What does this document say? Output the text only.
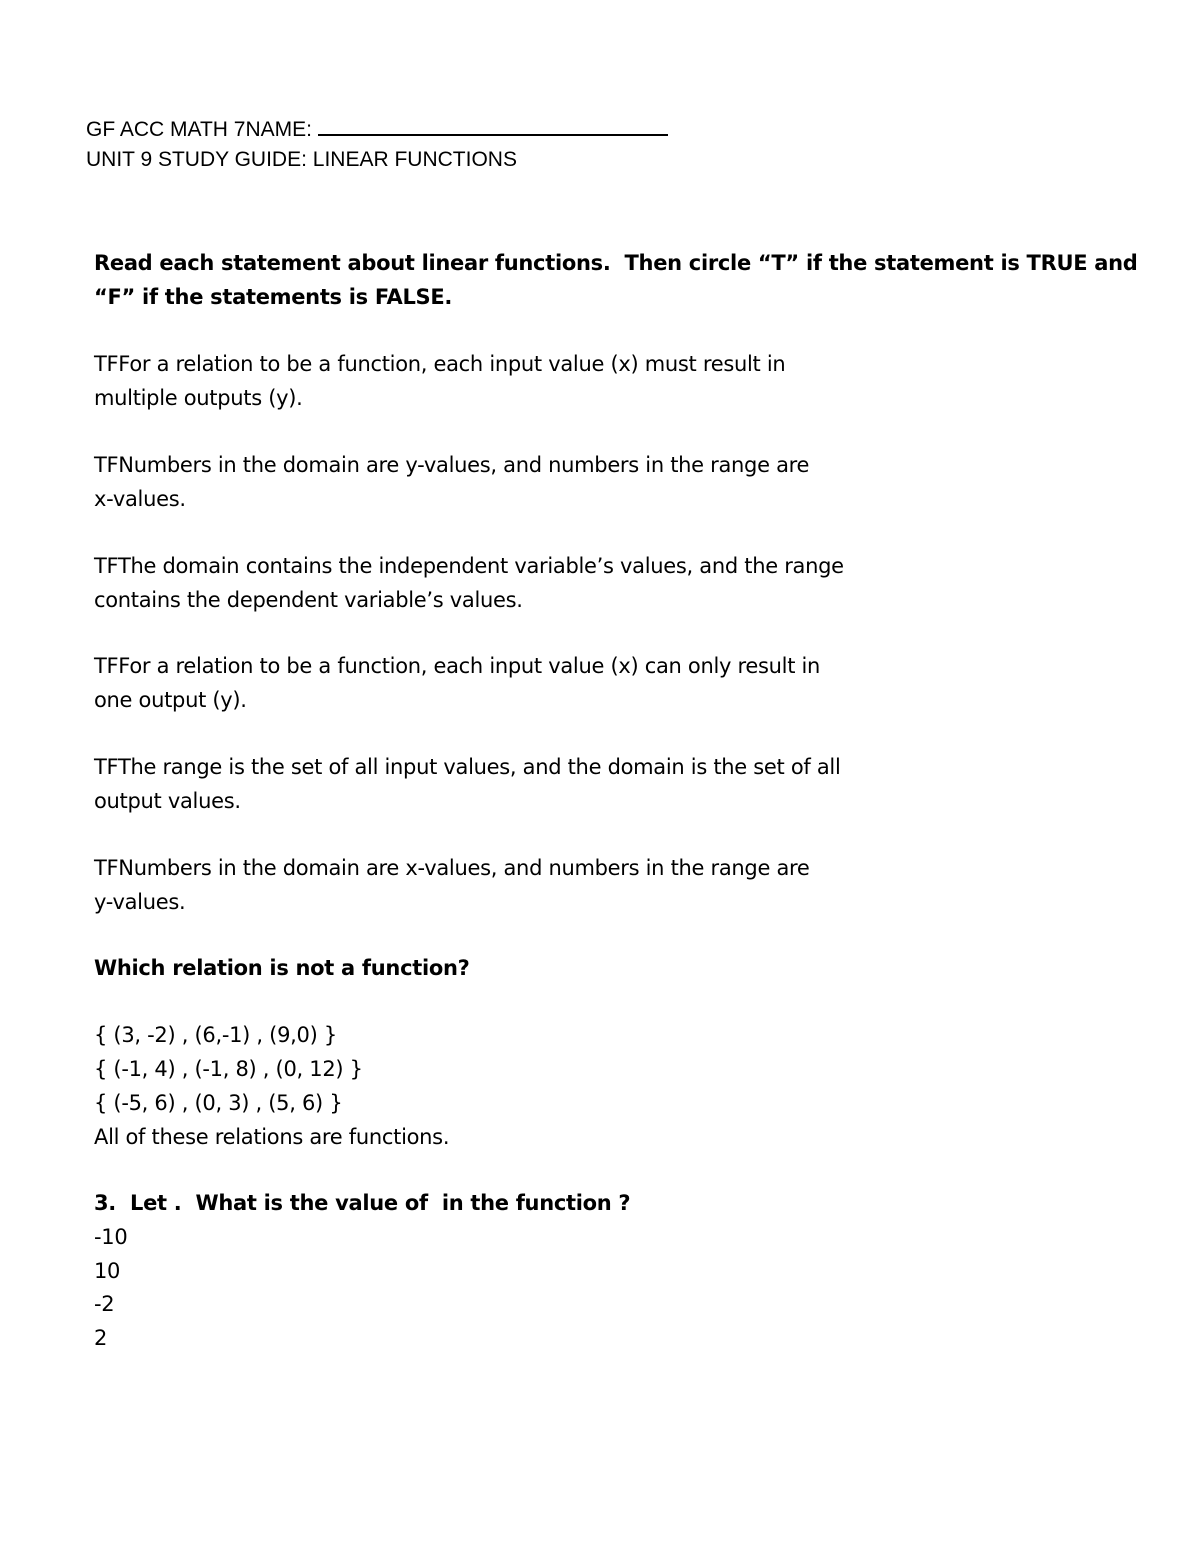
GF ACC MATH 7NAME:
UNIT 9 STUDY GUIDE: LINEAR FUNCTIONS
Read each statement about linear functions.  Then circle “T” if the statement is TRUE and
“F” if the statements is FALSE.
TFFor a relation to be a function, each input value (x) must result in
multiple outputs (y).
TFNumbers in the domain are y-values, and numbers in the range are
x-values.
TFThe domain contains the independent variable’s values, and the range
contains the dependent variable’s values.
TFFor a relation to be a function, each input value (x) can only result in
one output (y).
TFThe range is the set of all input values, and the domain is the set of all
output values.
TFNumbers in the domain are x-values, and numbers in the range are
y-values.
Which relation is not a function?
{ (3, -2) , (6,-1) , (9,0) }
{ (-1, 4) , (-1, 8) , (0, 12) }
{ (-5, 6) , (0, 3) , (5, 6) }
All of these relations are functions.
3.  Let .  What is the value of  in the function ?
-10
10
-2
2
